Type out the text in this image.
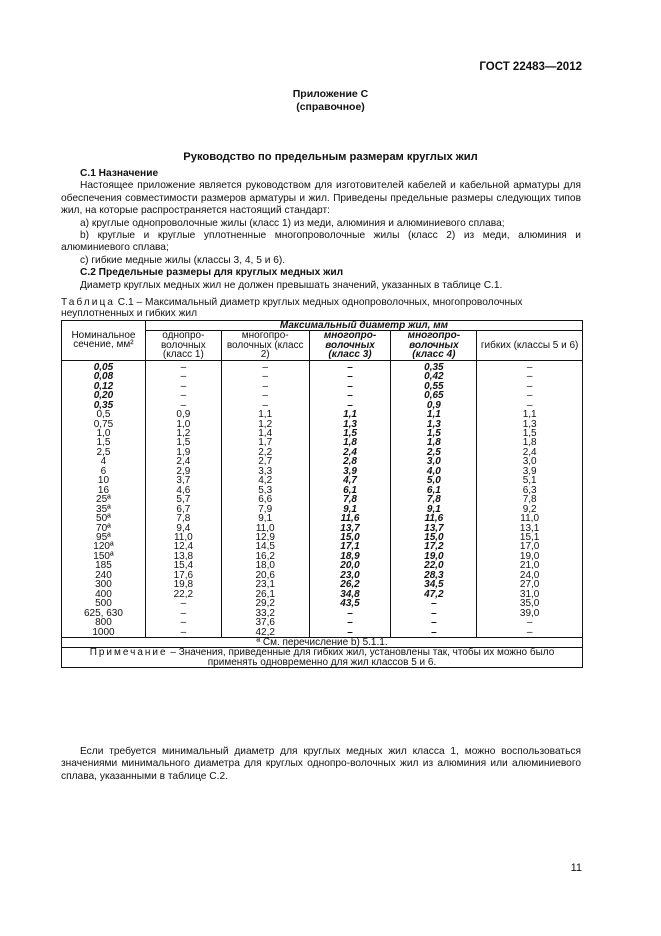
ГОСТ 22483—2012
Приложение С
(справочное)
Руководство по предельным размерам круглых жил

С.1 Назначение

Настоящее приложение является руководством для изготовителей кабелей и кабельной арматуры для обеспечения совместимости размеров арматуры и жил. Приведены предельные размеры следующих типов жил, на которые распространяется настоящий стандарт:

а) круглые однопроволочные жилы (класс 1) из меди, алюминия и алюминиевого сплава;

b) круглые и круглые уплотненные многопроволочные жилы (класс 2) из меди, алюминия и алюминиевого сплава;

с) гибкие медные жилы (классы 3, 4, 5 и 6).

С.2 Предельные размеры для круглых медных жил

Диаметр круглых медных жил не должен превышать значений, указанных в таблице С.1.

Таблица С.1 – Максимальный диаметр круглых медных однопроволочных, многопроволочных неуплотненных и гибких жил
Номинальное сечение, мм²	Максимальный диаметр жил, мм				
	однопро-волочных (класс 1)	многопро-волочных (класс 2)	многопро-волочных (класс 3)	многопро-волочных (класс 4)	гибких (классы 5 и 6)
0,05	–	–	–	0,35	–
0,08	–	–	–	0,42	–
0,12	–	–	–	0,55	–
0,20	–	–	–	0,65	–
0,35	–	–	–	0,9	–
0,5	0,9	1,1	1,1	1,1	1,1
0,75	1,0	1,2	1,3	1,3	1,3
1,0	1,2	1,4	1,5	1,5	1,5
1,5	1,5	1,7	1,8	1,8	1,8
2,5	1,9	2,2	2,4	2,5	2,4
4	2,4	2,7	2,8	3,0	3,0
6	2,9	3,3	3,9	4,0	3,9
10	3,7	4,2	4,7	5,0	5,1
16	4,6	5,3	6,1	6,1	6,3
25ª	5,7	6,6	7,8	7,8	7,8
35ª	6,7	7,9	9,1	9,1	9,2
50ª	7,8	9,1	11,6	11,6	11,0
70ª	9,4	11,0	13,7	13,7	13,1
95ª	11,0	12,9	15,0	15,0	15,1
120ª	12,4	14,5	17,1	17,2	17,0
150ª	13,8	16,2	18,9	19,0	19,0
185	15,4	18,0	20,0	22,0	21,0
240	17,6	20,6	23,0	28,3	24,0
300	19,8	23,1	26,2	34,5	27,0
400	22,2	26,1	34,8	47,2	31,0
500	–	29,2	43,5	–	35,0
625, 630	–	33,2	–	–	39,0
800	–	37,6	–	–	–
1000	–	42,2	–	–	–
ª См. перечисление b) 5.1.1.					
Примечание – Значения, приведенные для гибких жил, установлены так, чтобы их можно было применять одновременно для жил классов 5 и 6.					
Если требуется минимальный диаметр для круглых медных жил класса 1, можно воспользоваться значениями минимального диаметра для круглых однопро-волочных жил из алюминия или алюминиевого сплава, указанными в таблице С.2.
11
